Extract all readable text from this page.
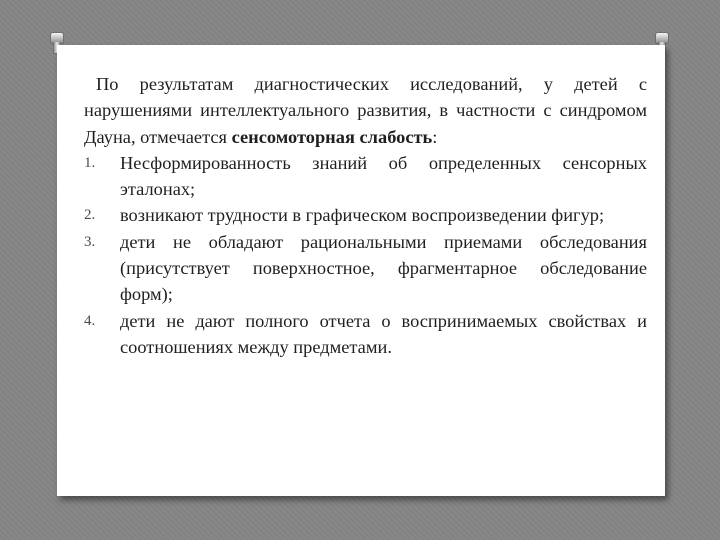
По результатам диагностических исследований, у детей с нарушениями интеллектуального развития, в частности с синдромом Дауна, отмечается сенсомоторная слабость:

1.	Несформированность знаний об определенных сенсорных эталонах;
2.	возникают трудности в графическом воспроизведении фигур;
3.	дети не обладают рациональными приемами обследования (присутствует поверхностное, фрагментарное обследование форм);
4.	дети не дают полного отчета о воспринимаемых свойствах и соотношениях между предметами.
